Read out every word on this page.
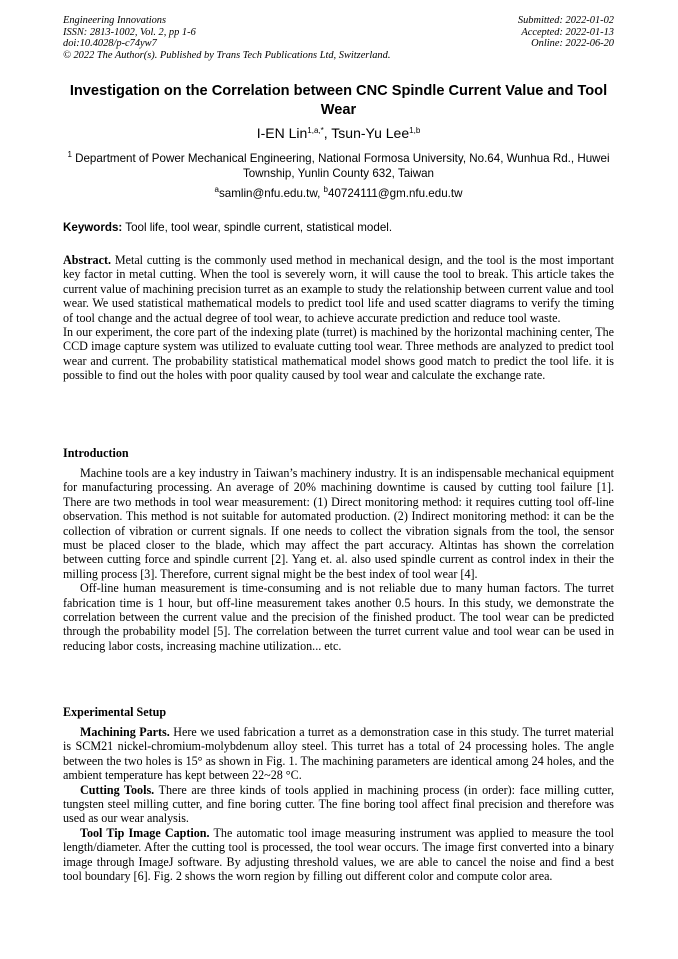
Engineering Innovations
ISSN: 2813-1002, Vol. 2, pp 1-6
doi:10.4028/p-c74yw7
© 2022 The Author(s). Published by Trans Tech Publications Ltd, Switzerland.
Submitted: 2022-01-02
Accepted: 2022-01-13
Online: 2022-06-20
Investigation on the Correlation between CNC Spindle Current Value and Tool Wear
I-EN Lin$^{1,a,*}$, Tsun-Yu Lee$^{1,b}$
$^1$ Department of Power Mechanical Engineering, National Formosa University, No.64, Wunhua Rd., Huwei Township, Yunlin County 632, Taiwan
$^a$samlin@nfu.edu.tw, $^b$40724111@gm.nfu.edu.tw
Keywords: Tool life, tool wear, spindle current, statistical model.

Abstract. Metal cutting is the commonly used method in mechanical design, and the tool is the most important key factor in metal cutting. When the tool is severely worn, it will cause the tool to break. This article takes the current value of machining precision turret as an example to study the relationship between current value and tool wear. We used statistical mathematical models to predict tool life and used scatter diagrams to verify the timing of tool change and the actual degree of tool wear, to achieve accurate prediction and reduce tool waste.

In our experiment, the core part of the indexing plate (turret) is machined by the horizontal machining center, The CCD image capture system was utilized to evaluate cutting tool wear. Three methods are analyzed to predict tool wear and current. The probability statistical mathematical model shows good match to predict the tool life. it is possible to find out the holes with poor quality caused by tool wear and calculate the exchange rate.

Introduction

Machine tools are a key industry in Taiwan’s machinery industry. It is an indispensable mechanical equipment for manufacturing processing. An average of 20% machining downtime is caused by cutting tool failure [1]. There are two methods in tool wear measurement: (1) Direct monitoring method: it requires cutting tool off-line observation. This method is not suitable for automated production. (2) Indirect monitoring method: it can be the collection of vibration or current signals. If one needs to collect the vibration signals from the tool, the sensor must be placed closer to the blade, which may affect the part accuracy. Altintas has shown the correlation between cutting force and spindle current [2]. Yang et. al. also used spindle current as control index in their the milling process [3]. Therefore, current signal might be the best index of tool wear [4].

Off-line human measurement is time-consuming and is not reliable due to many human factors. The turret fabrication time is 1 hour, but off-line measurement takes another 0.5 hours. In this study, we demonstrate the correlation between the current value and the precision of the finished product. The tool wear can be predicted through the probability model [5]. The correlation between the turret current value and tool wear can be used in reducing labor costs, increasing machine utilization... etc.

Experimental Setup

Machining Parts. Here we used fabrication a turret as a demonstration case in this study. The turret material is SCM21 nickel-chromium-molybdenum alloy steel. This turret has a total of 24 processing holes. The angle between the two holes is 15° as shown in Fig. 1. The machining parameters are identical among 24 holes, and the ambient temperature has kept between 22~28 °C.

Cutting Tools. There are three kinds of tools applied in machining process (in order): face milling cutter, tungsten steel milling cutter, and fine boring cutter. The fine boring tool affect final precision and therefore was used as our wear analysis.

Tool Tip Image Caption. The automatic tool image measuring instrument was applied to measure the tool length/diameter. After the cutting tool is processed, the tool wear occurs. The image first converted into a binary image through ImageJ software. By adjusting threshold values, we are able to cancel the noise and find a best tool boundary [6]. Fig. 2 shows the worn region by filling out different color and compute color area.
